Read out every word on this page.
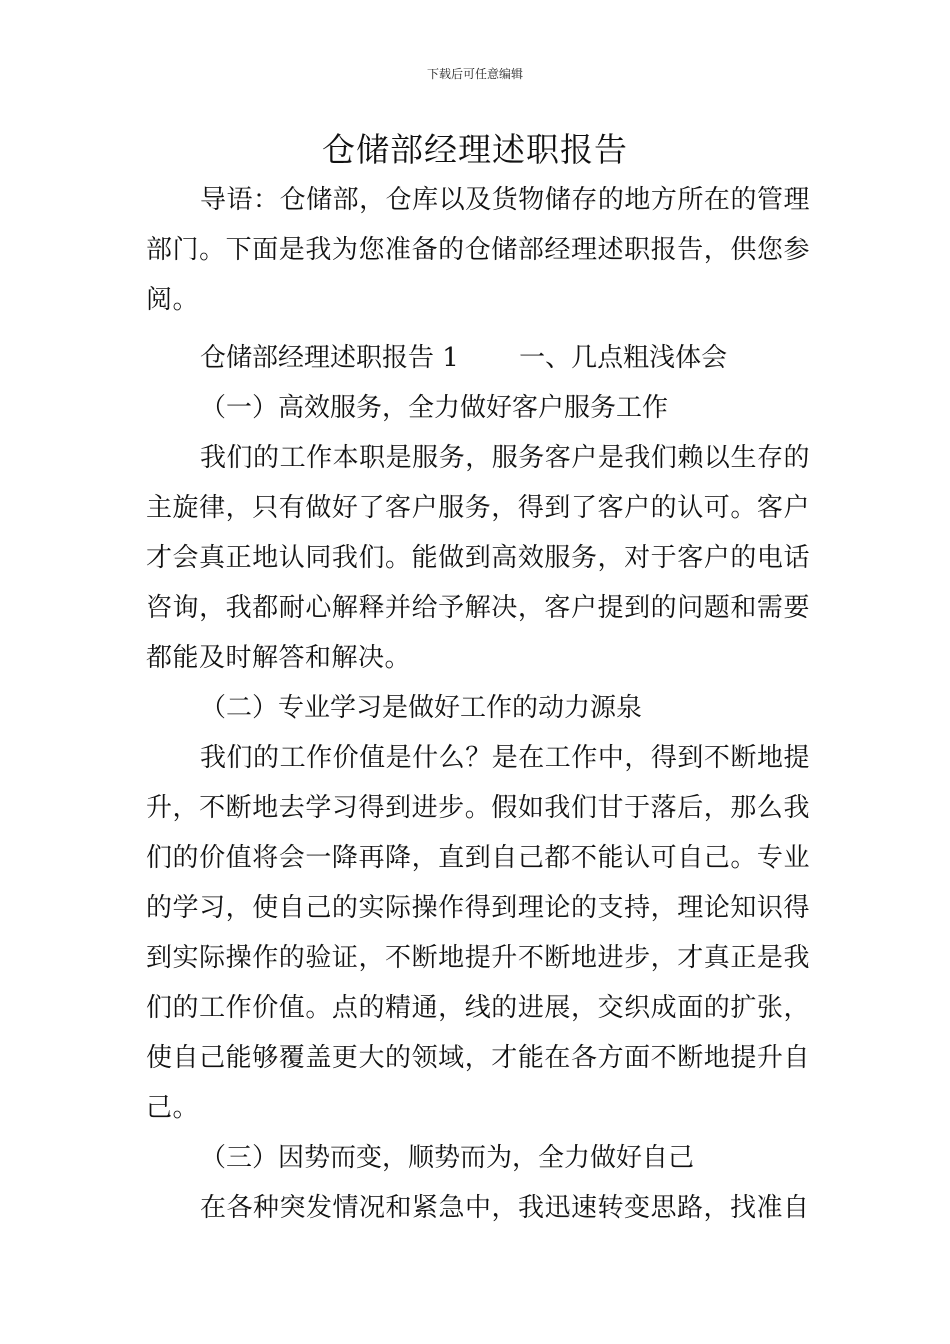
下载后可任意编辑
仓储部经理述职报告

导语：仓储部，仓库以及货物储存的地方所在的管理部门。下面是我为您准备的仓储部经理述职报告，供您参阅。

仓储部经理述职报告 1　　 一、几点粗浅体会

（一）高效服务，全力做好客户服务工作

我们的工作本职是服务，服务客户是我们赖以生存的主旋律，只有做好了客户服务，得到了客户的认可。客户才会真正地认同我们。能做到高效服务，对于客户的电话咨询，我都耐心解释并给予解决，客户提到的问题和需要都能及时解答和解决。

（二）专业学习是做好工作的动力源泉

我们的工作价值是什么？是在工作中，得到不断地提升，不断地去学习得到进步。假如我们甘于落后，那么我们的价值将会一降再降，直到自己都不能认可自己。专业的学习，使自己的实际操作得到理论的支持，理论知识得到实际操作的验证，不断地提升不断地进步，才真正是我们的工作价值。点的精通，线的进展，交织成面的扩张，使自己能够覆盖更大的领域，才能在各方面不断地提升自己。

（三）因势而变，顺势而为，全力做好自己

在各种突发情况和紧急中，我迅速转变思路，找准自
